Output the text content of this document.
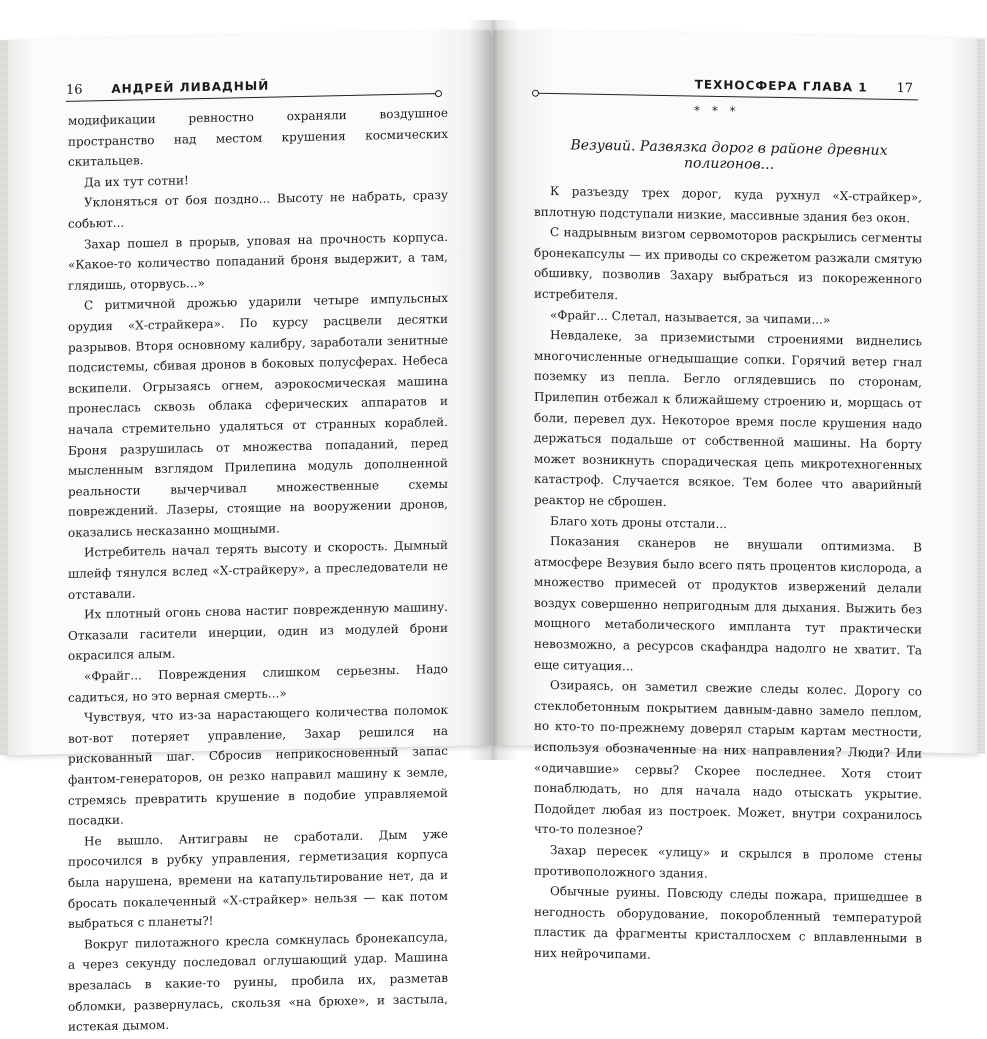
16 АНДРЕЙ ЛИВАДНЫЙ

модификации ревностно охраняли воздушное пространство над местом крушения космических скитальцев.

Да их тут сотни!

Уклоняться от боя поздно... Высоту не набрать, сразу собьют...

Захар пошел в прорыв, уповая на прочность корпуса. «Какое-то количество попаданий броня выдержит, а там, глядишь, оторвусь...»

С ритмичной дрожью ударили четыре импульсных орудия «Х-страйкера». По курсу расцвели десятки разрывов. Вторя основному калибру, заработали зенитные подсистемы, сбивая дронов в боковых полусферах. Небеса вскипели. Огрызаясь огнем, аэрокосмическая машина пронеслась сквозь облака сферических аппаратов и начала стремительно удаляться от странных кораблей. Броня разрушилась от множества попаданий, перед мысленным взглядом Прилепина модуль дополненной реальности вычерчивал множественные схемы повреждений. Лазеры, стоящие на вооружении дронов, оказались несказанно мощными.

Истребитель начал терять высоту и скорость. Дымный шлейф тянулся вслед «Х-страйкеру», а преследователи не отставали.

Их плотный огонь снова настиг поврежденную машину. Отказали гасители инерции, один из модулей брони окрасился алым.

«Фрайг... Повреждения слишком серьезны. Надо садиться, но это верная смерть...»

Чувствуя, что из-за нарастающего количества поломок вот-вот потеряет управление, Захар решился на рискованный шаг. Сбросив неприкосновенный запас фантом-генераторов, он резко направил машину к земле, стремясь превратить крушение в подобие управляемой посадки.

Не вышло. Антигравы не сработали. Дым уже просочился в рубку управления, герметизация корпуса была нарушена, времени на катапультирование нет, да и бросать покалеченный «Х-страйкер» нельзя — как потом выбраться с планеты?!

Вокруг пилотажного кресла сомкнулась бронекапсула, а через секунду последовал оглушающий удар. Машина врезалась в какие-то руины, пробила их, разметав обломки, развернулась, скользя «на брюхе», и застыла, истекая дымом.

ТЕХНОСФЕРА ГЛАВА 1 17
* * *
Везувий. Развязка дорог в районе древних полигонов...

К разъезду трех дорог, куда рухнул «Х-страйкер», вплотную подступали низкие, массивные здания без окон.

С надрывным визгом сервомоторов раскрылись сегменты бронекапсулы — их приводы со скрежетом разжали смятую обшивку, позволив Захару выбраться из покореженного истребителя.

«Фрайг... Слетал, называется, за чипами...»

Невдалеке, за приземистыми строениями виднелись многочисленные огнедышащие сопки. Горячий ветер гнал поземку из пепла. Бегло оглядевшись по сторонам, Прилепин отбежал к ближайшему строению и, морщась от боли, перевел дух. Некоторое время после крушения надо держаться подальше от собственной машины. На борту может возникнуть спорадическая цепь микротехногенных катастроф. Случается всякое. Тем более что аварийный реактор не сброшен.

Благо хоть дроны отстали...

Показания сканеров не внушали оптимизма. В атмосфере Везувия было всего пять процентов кислорода, а множество примесей от продуктов извержений делали воздух совершенно непригодным для дыхания. Выжить без мощного метаболического импланта тут практически невозможно, а ресурсов скафандра надолго не хватит. Та еще ситуация...

Озираясь, он заметил свежие следы колес. Дорогу со стеклобетонным покрытием давным-давно замело пеплом, но кто-то по-прежнему доверял старым картам местности, используя обозначенные на них направления? Люди? Или «одичавшие» сервы? Скорее последнее. Хотя стоит понаблюдать, но для начала надо отыскать укрытие. Подойдет любая из построек. Может, внутри сохранилось что-то полезное?

Захар пересек «улицу» и скрылся в проломе стены противоположного здания.

Обычные руины. Повсюду следы пожара, пришедшее в негодность оборудование, покоробленный температурой пластик да фрагменты кристаллосхем с вплавленными в них нейрочипами.
